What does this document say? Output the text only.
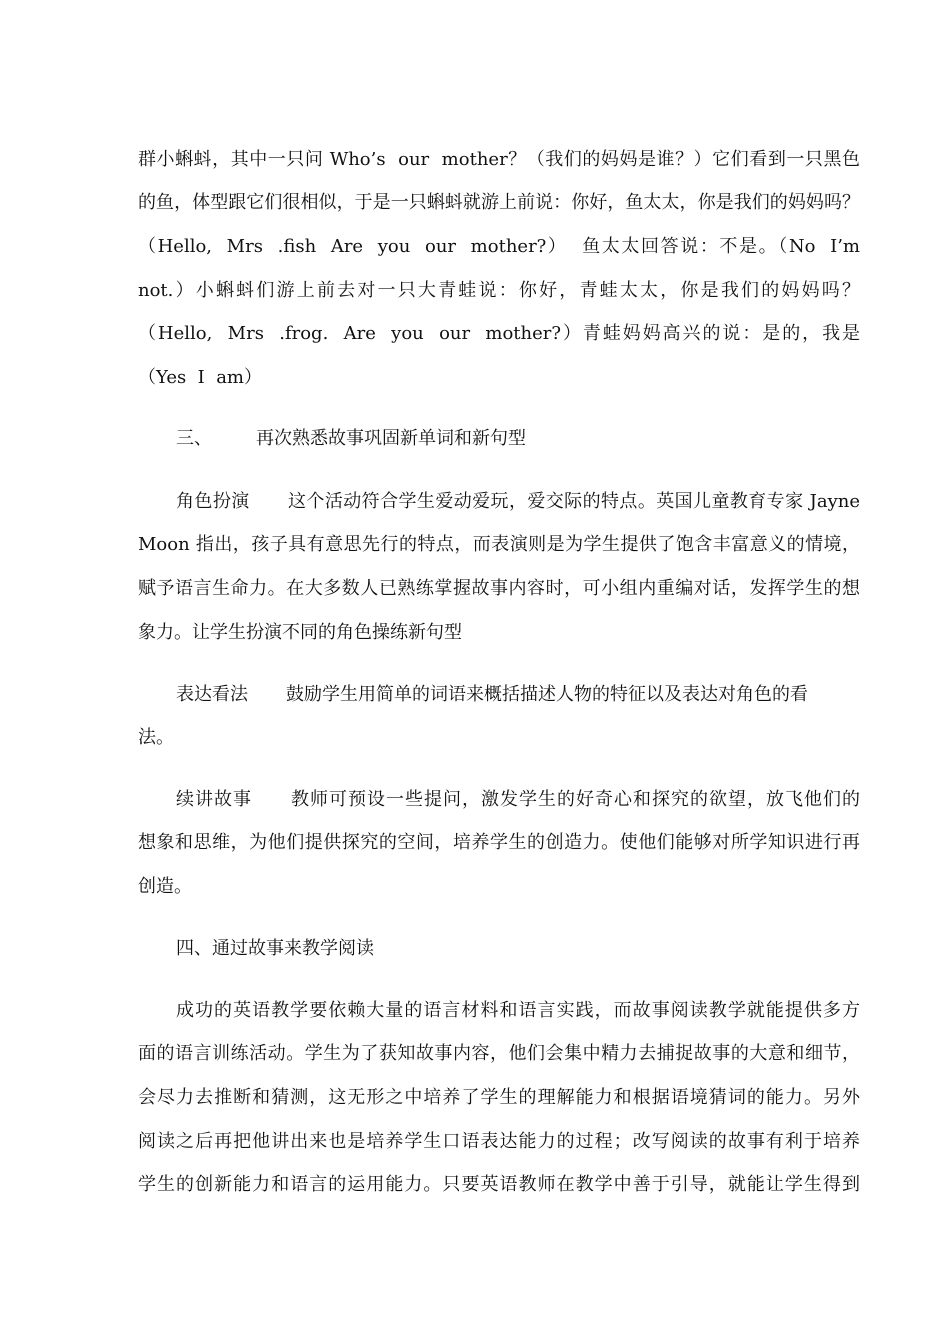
群小蝌蚪，其中一只问 Who’s  our  mother？（我们的妈妈是谁？）它们看到一只黑色
的鱼，体型跟它们很相似，于是一只蝌蚪就游上前说：你好，鱼太太，你是我们的妈妈吗？
（Hello,  Mrs  .fish  Are  you  our  mother?）  鱼太太回答说：不是。（No  I’m
not.）小蝌蚪们游上前去对一只大青蛙说：你好，青蛙太太，你是我们的妈妈吗？
（Hello,  Mrs  .frog.  Are  you  our  mother?）青蛙妈妈高兴的说：是的，我是
（Yes  I  am）
三、 再次熟悉故事巩固新单词和新句型
角色扮演 这个活动符合学生爱动爱玩，爱交际的特点。英国儿童教育专家 Jayne
Moon 指出，孩子具有意思先行的特点，而表演则是为学生提供了饱含丰富意义的情境，
赋予语言生命力。在大多数人已熟练掌握故事内容时，可小组内重编对话，发挥学生的想
象力。让学生扮演不同的角色操练新句型
表达看法 鼓励学生用简单的词语来概括描述人物的特征以及表达对角色的看
法。
续讲故事 教师可预设一些提问，激发学生的好奇心和探究的欲望，放飞他们的
想象和思维，为他们提供探究的空间，培养学生的创造力。使他们能够对所学知识进行再
创造。
四、通过故事来教学阅读
成功的英语教学要依赖大量的语言材料和语言实践，而故事阅读教学就能提供多方
面的语言训练活动。学生为了获知故事内容，他们会集中精力去捕捉故事的大意和细节，
会尽力去推断和猜测，这无形之中培养了学生的理解能力和根据语境猜词的能力。另外
阅读之后再把他讲出来也是培养学生口语表达能力的过程；改写阅读的故事有利于培养
学生的创新能力和语言的运用能力。只要英语教师在教学中善于引导，就能让学生得到
